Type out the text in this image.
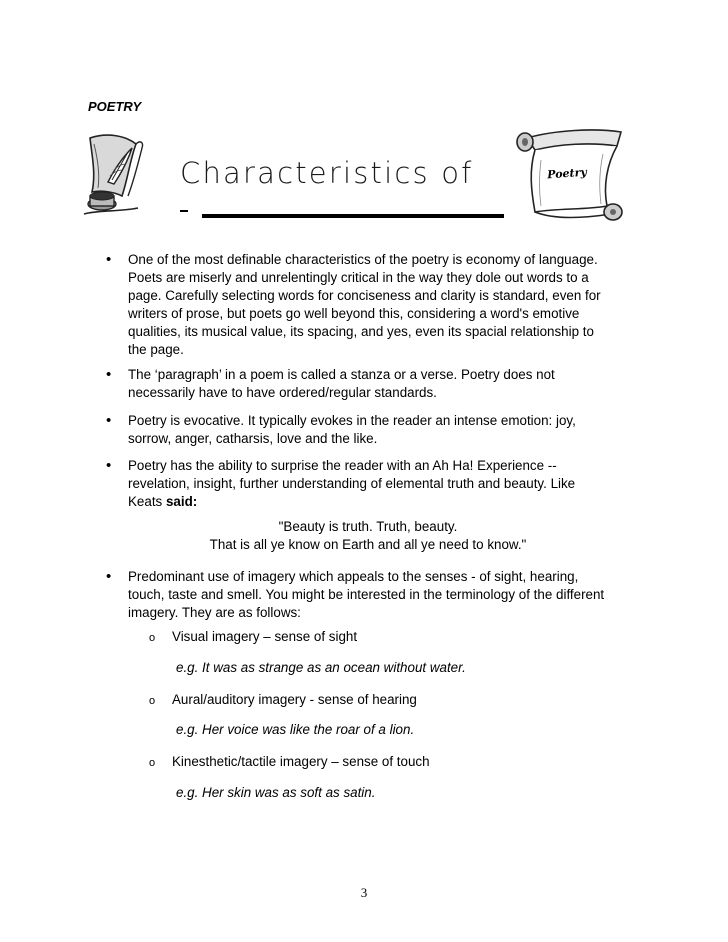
POETRY
Characteristics of	Poetry
• One of the most definable characteristics of the poetry is economy of language.
Poets are miserly and unrelentingly critical in the way they dole out words to a
page. Carefully selecting words for conciseness and clarity is standard, even for
writers of prose, but poets go well beyond this, considering a word's emotive
qualities, its musical value, its spacing, and yes, even its spacial relationship to
the page.
• The ‘paragraph’ in a poem is called a stanza or a verse. Poetry does not
necessarily have to have ordered/regular standards.
• Poetry is evocative. It typically evokes in the reader an intense emotion: joy,
sorrow, anger, catharsis, love and the like.
• Poetry has the ability to surprise the reader with an Ah Ha! Experience --
revelation, insight, further understanding of elemental truth and beauty. Like
Keats said:
"Beauty is truth. Truth, beauty.
That is all ye know on Earth and all ye need to know."
• Predominant use of imagery which appeals to the senses - of sight, hearing,
touch, taste and smell. You might be interested in the terminology of the different
imagery. They are as follows:
o Visual imagery – sense of sight
e.g. It was as strange as an ocean without water.
o Aural/auditory imagery - sense of hearing
e.g. Her voice was like the roar of a lion.
o Kinesthetic/tactile imagery – sense of touch
e.g. Her skin was as soft as satin.
3
